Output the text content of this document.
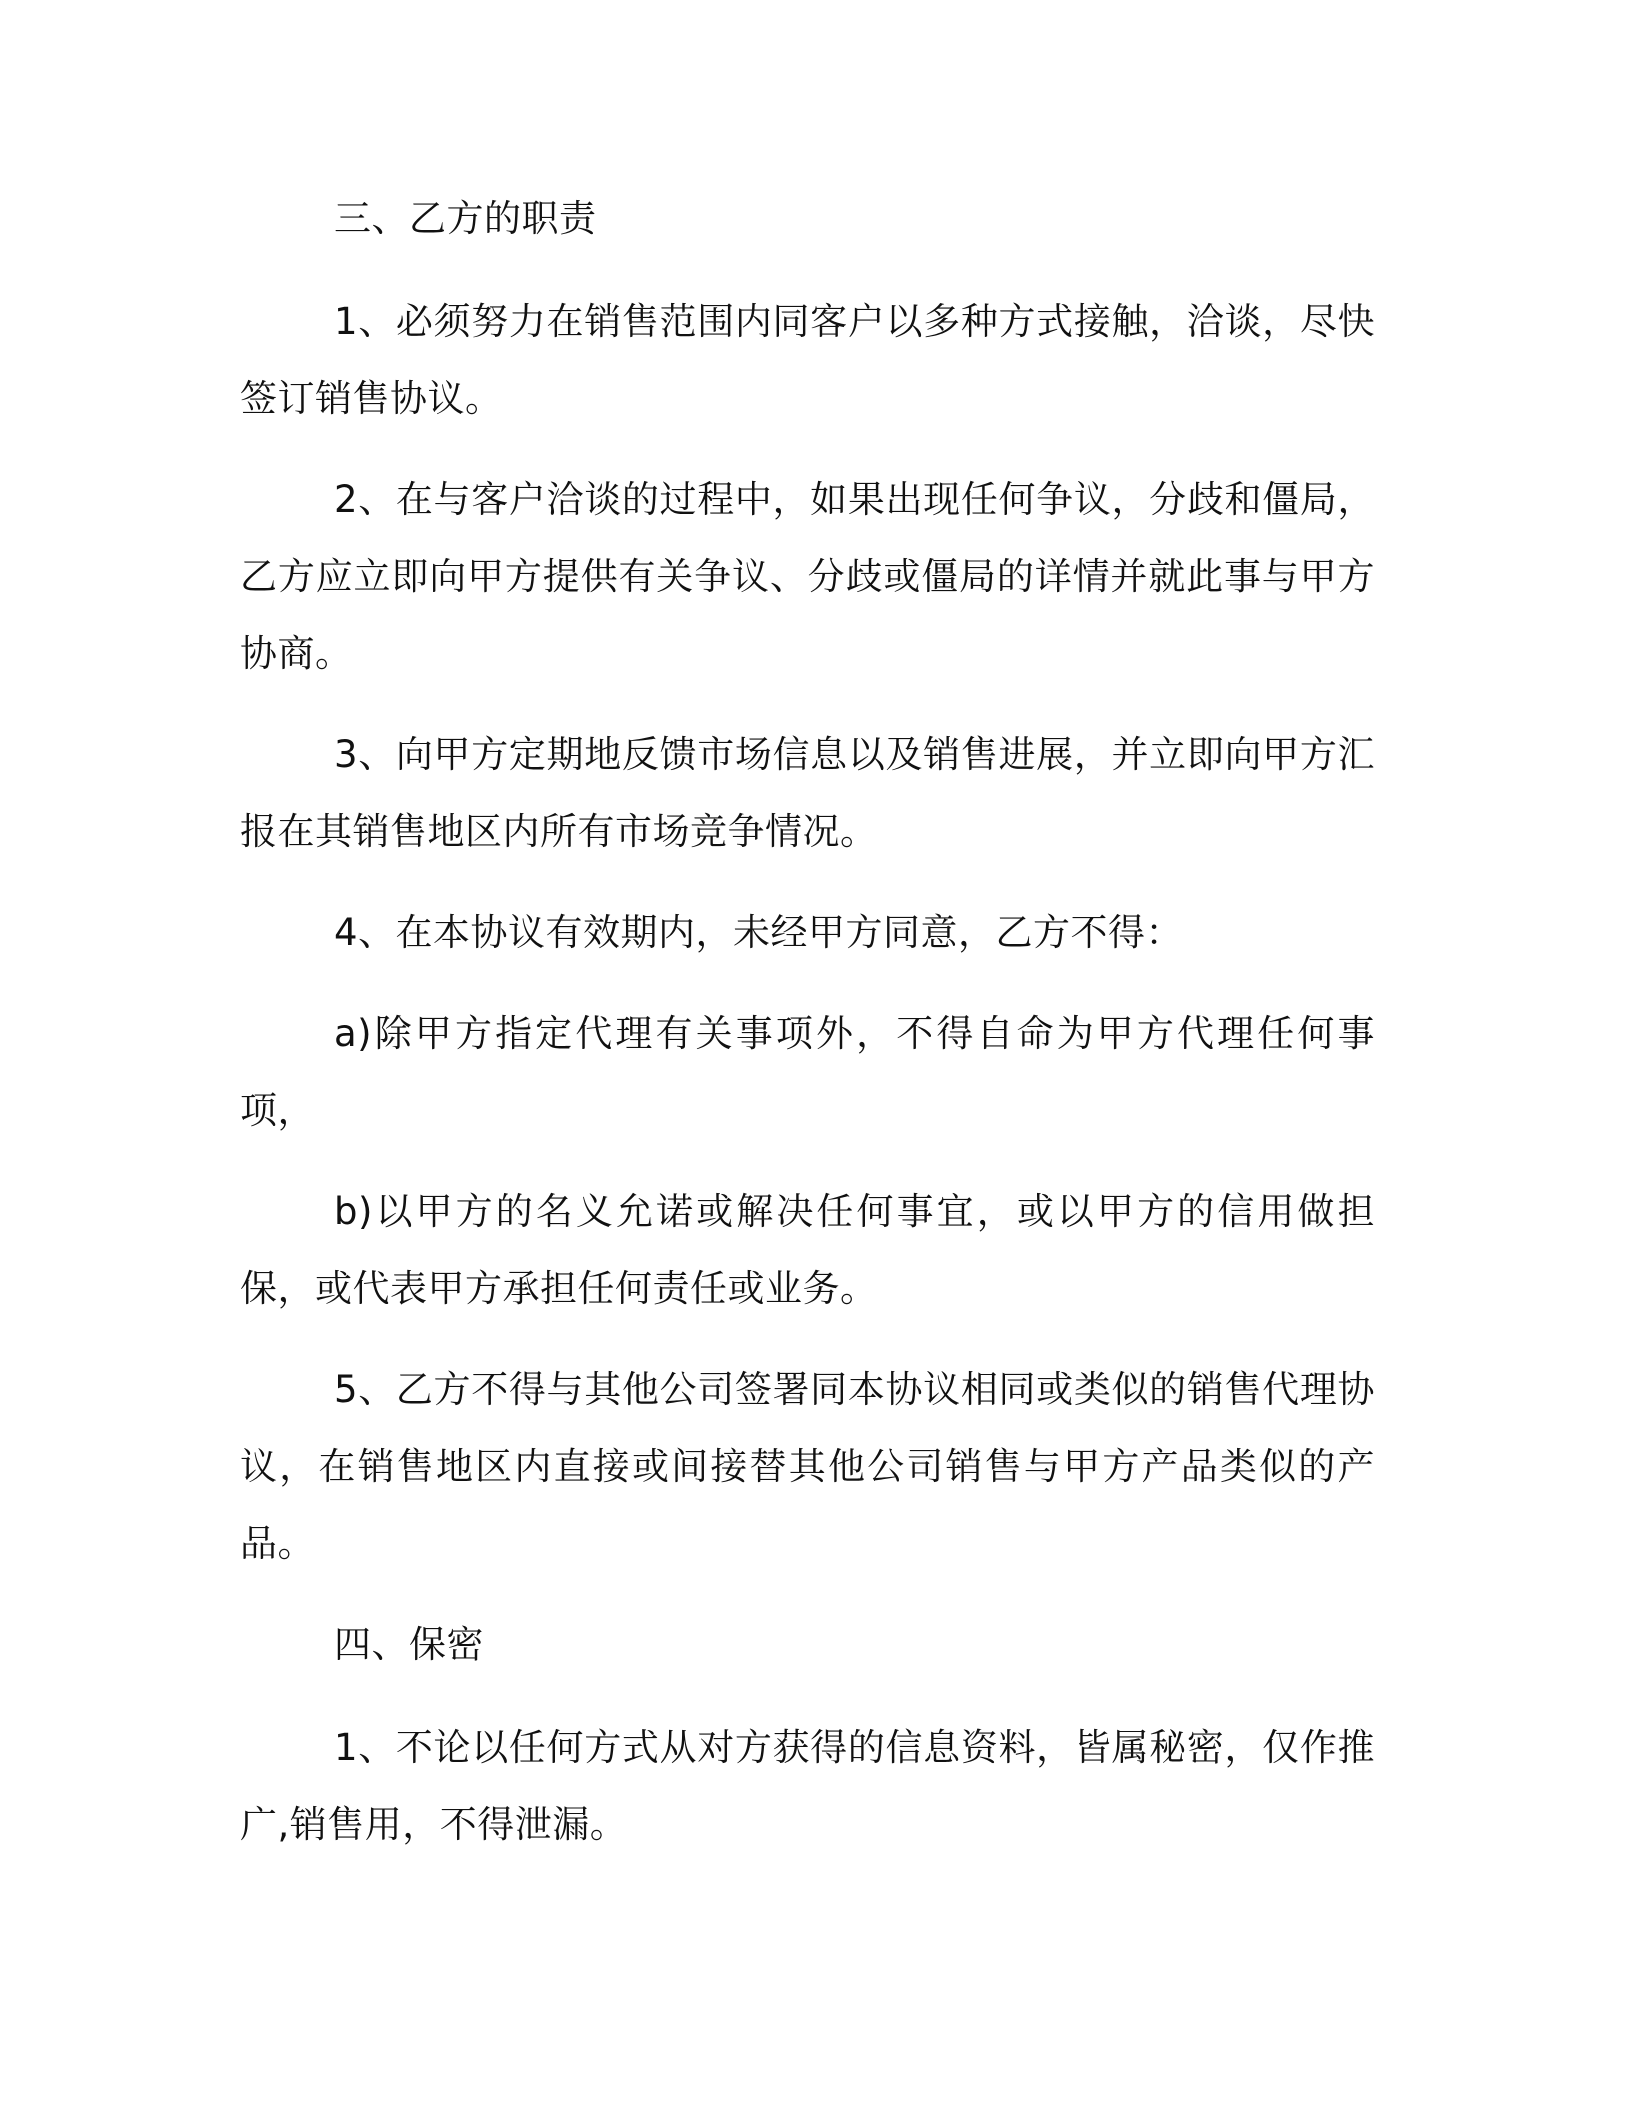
三、乙方的职责

1、必须努力在销售范围内同客户以多种方式接触，洽谈，尽快签订销售协议。

2、在与客户洽谈的过程中，如果出现任何争议，分歧和僵局，乙方应立即向甲方提供有关争议、分歧或僵局的详情并就此事与甲方协商。

3、向甲方定期地反馈市场信息以及销售进展，并立即向甲方汇报在其销售地区内所有市场竞争情况。

4、在本协议有效期内，未经甲方同意，乙方不得：

a)除甲方指定代理有关事项外，不得自命为甲方代理任何事项，

b)以甲方的名义允诺或解决任何事宜，或以甲方的信用做担保，或代表甲方承担任何责任或业务。

5、乙方不得与其他公司签署同本协议相同或类似的销售代理协议，在销售地区内直接或间接替其他公司销售与甲方产品类似的产品。

四、保密

1、不论以任何方式从对方获得的信息资料，皆属秘密，仅作推广,销售用，不得泄漏。
